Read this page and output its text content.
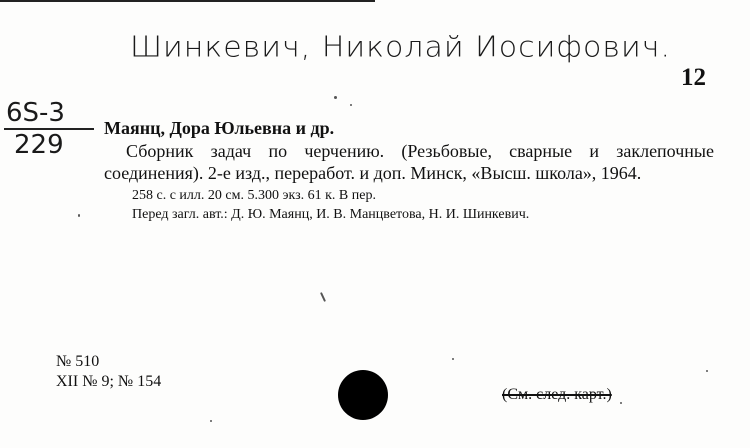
Шинкевич, Николай Иосифович.
12
6S-3
229

Маянц, Дора Юльевна и др.

Сборник задач по черчению. (Резьбовые, сварные и заклепочные соединения). 2-е изд., переработ. и доп. Минск, «Высш. школа», 1964.

258 с. с илл. 20 см. 5.300 экз. 61 к. В пер.

Перед загл. авт.: Д. Ю. Маянц, И. В. Манцветова, Н. И. Шинкевич.

№ 510
XII № 9; № 154
(См. след. карт.)
